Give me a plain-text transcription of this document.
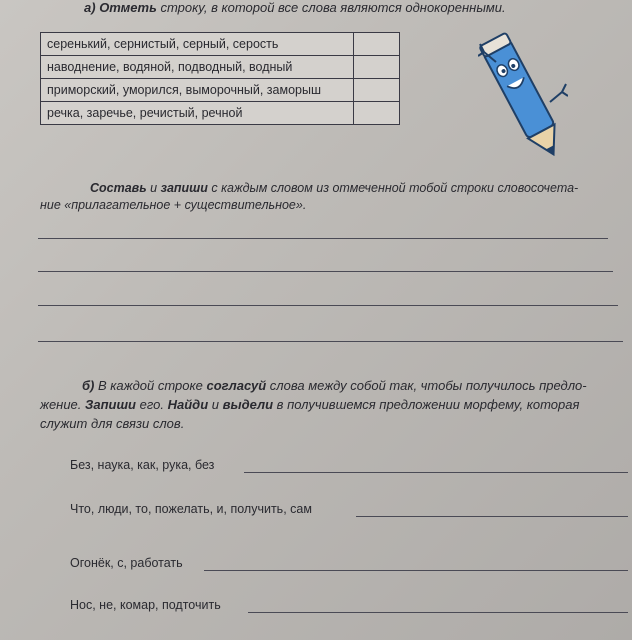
а) Отметь строку, в которой все слова являются однокоренными.
серенький, сернистый, серный, серость	
наводнение, водяной, подводный, водный	
приморский, уморился, выморочный, заморыш	
речка, заречье, речистый, речной	
Составь и запиши с каждым словом из отмеченной тобой строки словосочета-
ние «прилагательное + существительное».
б) В каждой строке согласуй слова между собой так, чтобы получилось предло-
жение. Запиши его. Найди и выдели в получившемся предложении морфему, которая
служит для связи слов.
Без, наука, как, рука, без
Что, люди, то, пожелать, и, получить, сам
Огонёк, с, работать
Нос, не, комар, подточить
